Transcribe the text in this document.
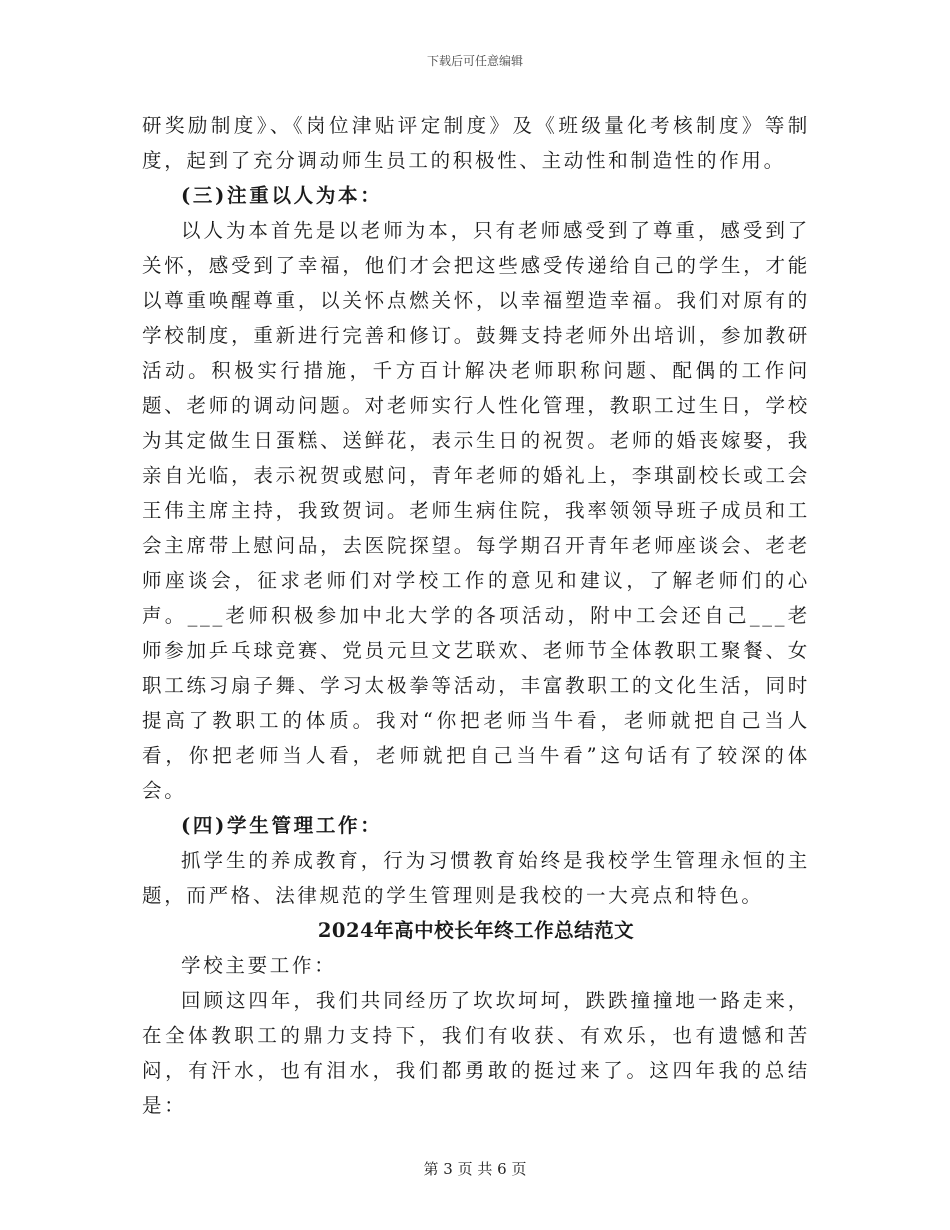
下载后可任意编辑

研奖励制度》、《岗位津贴评定制度》及《班级量化考核制度》等制度，起到了充分调动师生员工的积极性、主动性和制造性的作用。

(三)注重以人为本：

以人为本首先是以老师为本，只有老师感受到了尊重，感受到了关怀，感受到了幸福，他们才会把这些感受传递给自己的学生，才能以尊重唤醒尊重，以关怀点燃关怀，以幸福塑造幸福。我们对原有的学校制度，重新进行完善和修订。鼓舞支持老师外出培训，参加教研活动。积极实行措施，千方百计解决老师职称问题、配偶的工作问题、老师的调动问题。对老师实行人性化管理，教职工过生日，学校为其定做生日蛋糕、送鲜花，表示生日的祝贺。老师的婚丧嫁娶，我亲自光临，表示祝贺或慰问，青年老师的婚礼上，李琪副校长或工会王伟主席主持，我致贺词。老师生病住院，我率领领导班子成员和工会主席带上慰问品，去医院探望。每学期召开青年老师座谈会、老老师座谈会，征求老师们对学校工作的意见和建议，了解老师们的心声。___老师积极参加中北大学的各项活动，附中工会还自己___老师参加乒乓球竞赛、党员元旦文艺联欢、老师节全体教职工聚餐、女职工练习扇子舞、学习太极拳等活动，丰富教职工的文化生活，同时提高了教职工的体质。我对“你把老师当牛看，老师就把自己当人看，你把老师当人看，老师就把自己当牛看”这句话有了较深的体会。

(四)学生管理工作：

抓学生的养成教育，行为习惯教育始终是我校学生管理永恒的主题，而严格、法律规范的学生管理则是我校的一大亮点和特色。

2024年高中校长年终工作总结范文

学校主要工作：

回顾这四年，我们共同经历了坎坎坷坷，跌跌撞撞地一路走来，在全体教职工的鼎力支持下，我们有收获、有欢乐，也有遗憾和苦闷，有汗水，也有泪水，我们都勇敢的挺过来了。这四年我的总结是：

第 3 页 共 6 页
